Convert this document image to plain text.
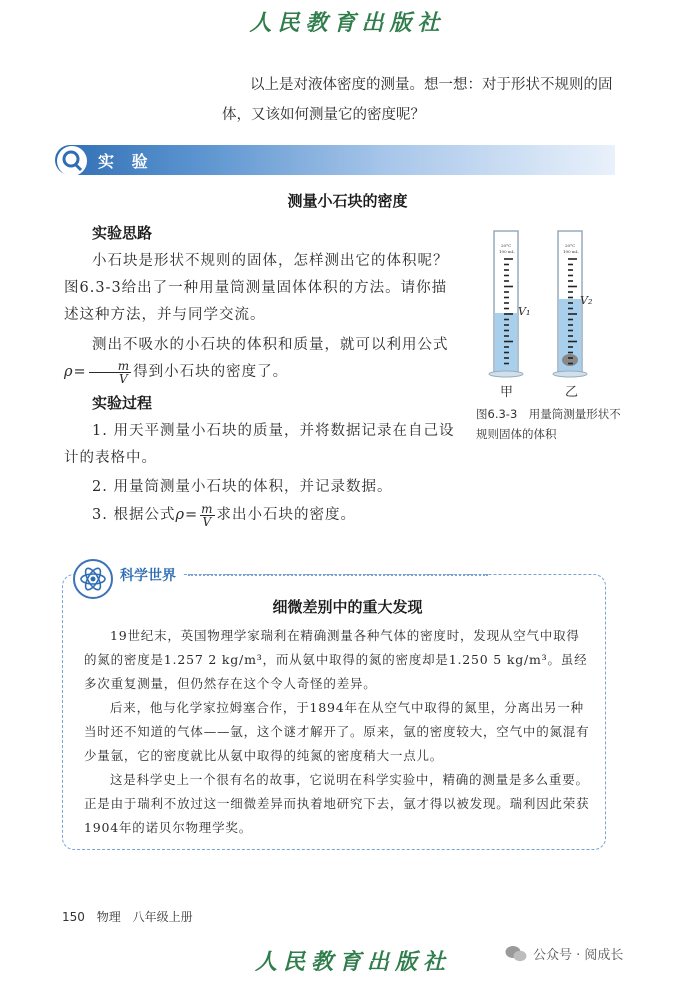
人民教育出版社
以上是对液体密度的测量。想一想：对于形状不规则的固体，又该如何测量它的密度呢？
实 验
测量小石块的密度
实验思路
小石块是形状不规则的固体，怎样测出它的体积呢？图6.3-3给出了一种用量筒测量固体体积的方法。请你描述这种方法，并与同学交流。
测出不吸水的小石块的体积和质量，就可以利用公式$\rho= \frac{m}{V}$ 得到小石块的密度了。
实验过程
1. 用天平测量小石块的质量，并将数据记录在自己设计的表格中。
2. 用量筒测量小石块的体积，并记录数据。
3. 根据公式$\rho= \frac{m}{V}$ 求出小石块的密度。
20°C
100 mL
20°C
100 mL
V₁
V₂
甲	乙
图6.3-3　用量筒测量形状不规则固体的体积
科学世界
细微差别中的重大发现
19世纪末，英国物理学家瑞利在精确测量各种气体的密度时，发现从空气中取得的氮的密度是1.257 2 kg/m³，而从氨中取得的氮的密度却是1.250 5 kg/m³。虽经多次重复测量，但仍然存在这个令人奇怪的差异。
后来，他与化学家拉姆塞合作，于1894年在从空气中取得的氮里，分离出另一种当时还不知道的气体——氩，这个谜才解开了。原来，氩的密度较大，空气中的氮混有少量氩，它的密度就比从氨中取得的纯氮的密度稍大一点儿。
这是科学史上一个很有名的故事，它说明在科学实验中，精确的测量是多么重要。正是由于瑞利不放过这一细微差异而执着地研究下去，氩才得以被发现。瑞利因此荣获1904年的诺贝尔物理学奖。
150 物理 八年级上册
人民教育出版社	公众号 · 阅成长
